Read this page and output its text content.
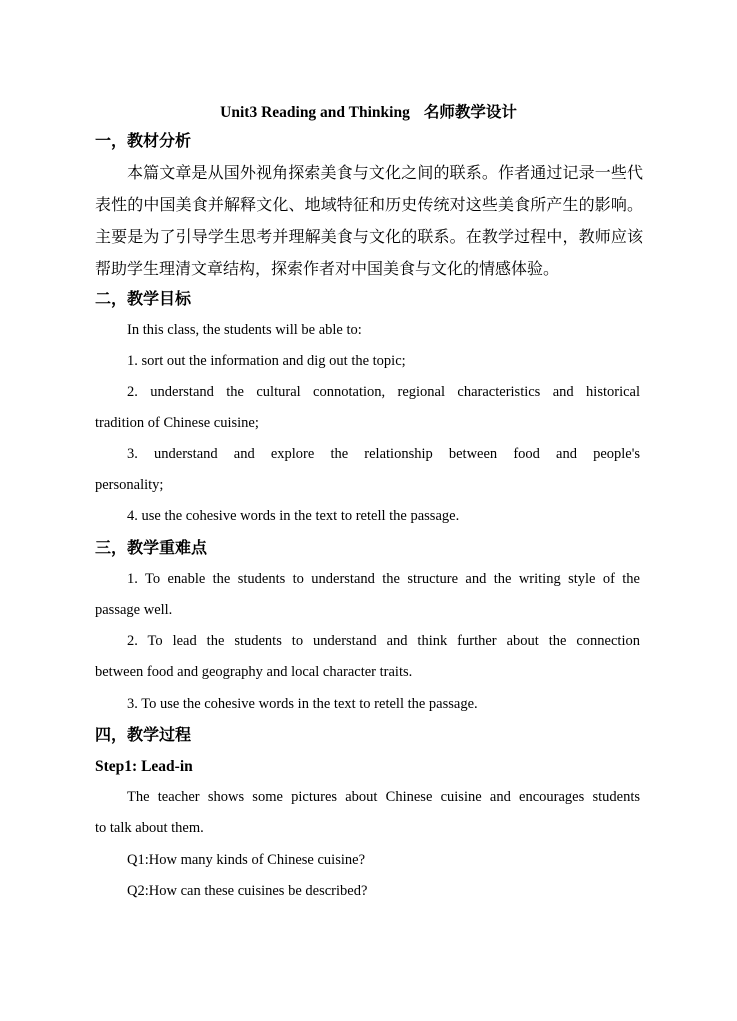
Unit3 Reading and Thinking 名师教学设计
一，教材分析
本篇文章是从国外视角探索美食与文化之间的联系。作者通过记录一些代
表性的中国美食并解释文化、地域特征和历史传统对这些美食所产生的影响。
主要是为了引导学生思考并理解美食与文化的联系。在教学过程中，教师应该
帮助学生理清文章结构，探索作者对中国美食与文化的情感体验。
二，教学目标
In this class, the students will be able to:
1. sort out the information and dig out the topic;
2. understand the cultural connotation, regional characteristics and historical
tradition of Chinese cuisine;
3. understand and explore the relationship between food and people's
personality;
4. use the cohesive words in the text to retell the passage.
三，教学重难点
1. To enable the students to understand the structure and the writing style of the
passage well.
2. To lead the students to understand and think further about the connection
between food and geography and local character traits.
3. To use the cohesive words in the text to retell the passage.
四，教学过程
Step1: Lead-in
The teacher shows some pictures about Chinese cuisine and encourages students
to talk about them.
Q1:How many kinds of Chinese cuisine?
Q2:How can these cuisines be described?
